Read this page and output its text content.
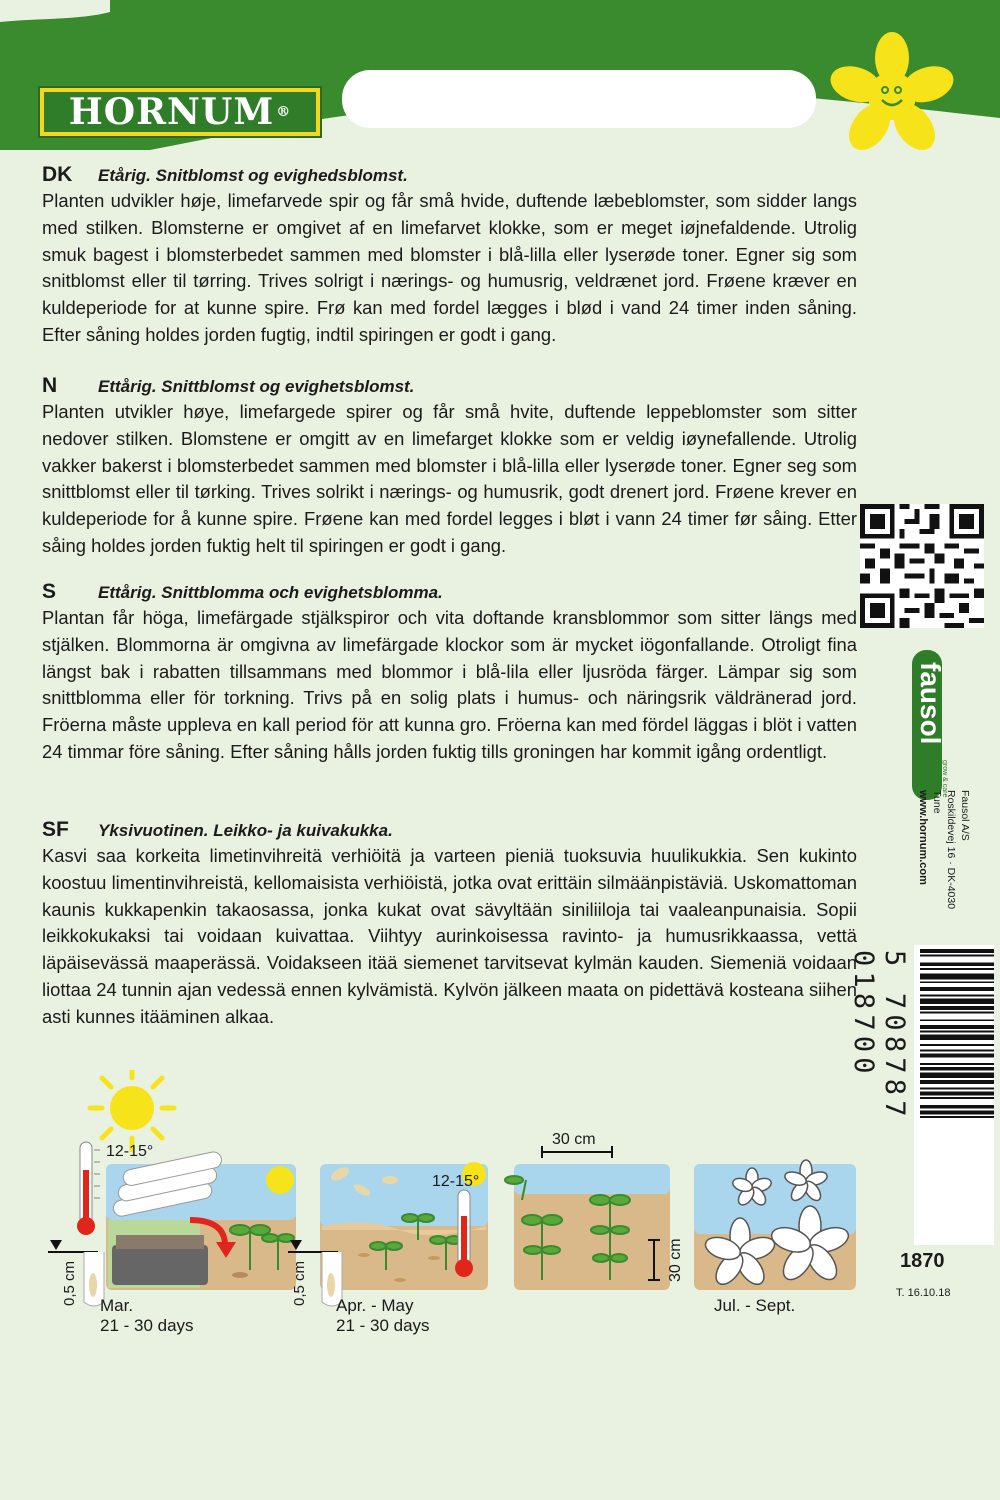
HORNUM ®
DK	Etårig. Snitblomst og evighedsblomst.
Planten udvikler høje, limefarvede spir og får små hvide, duftende læbeblomster, som sidder langs med stilken. Blomsterne er omgivet af en limefarvet klokke, som er meget iøjnefaldende. Utrolig smuk bagest i blomsterbedet sammen med blomster i blå-lilla eller lyserøde toner. Egner sig som snitblomst eller til tørring. Trives solrigt i nærings- og humusrig, veldrænet jord. Frøene kræver en kuldeperiode for at kunne spire. Frø kan med fordel lægges i blød i vand 24 timer inden såning. Efter såning holdes jorden fugtig, indtil spiringen er godt i gang.
N	Ettårig. Snittblomst og evighetsblomst.
Planten utvikler høye, limefargede spirer og får små hvite, duftende leppeblomster som sitter nedover stilken. Blomstene er omgitt av en limefarget klokke som er veldig iøynefallende. Utrolig vakker bakerst i blomsterbedet sammen med blomster i blå-lilla eller lyserøde toner. Egner seg som snittblomst eller til tørking. Trives solrikt i nærings- og humusrik, godt drenert jord. Frøene krever en kuldeperiode for å kunne spire. Frøene kan med fordel legges i bløt i vann 24 timer før såing. Etter såing holdes jorden fuktig helt til spiringen er godt i gang.
S	Ettårig. Snittblomma och evighetsblomma.
Plantan får höga, limefärgade stjälkspiror och vita doftande kransblommor som sitter längs med stjälken. Blommorna är omgivna av limefärgade klockor som är mycket iögonfallande. Otroligt fina längst bak i rabatten tillsammans med blommor i blå-lila eller ljusröda färger. Lämpar sig som snittblomma eller för torkning. Trivs på en solig plats i humus- och näringsrik väldränerad jord. Fröerna måste uppleva en kall period för att kunna gro. Fröerna kan med fördel läggas i blöt i vatten 24 timmar före såning. Efter såning hålls jorden fuktig tills groningen har kommit igång ordentligt.
SF	Yksivuotinen. Leikko- ja kuivakukka.
Kasvi saa korkeita limetinvihreitä verhiöitä ja varteen pieniä tuoksuvia huulikukkia. Sen kukinto koostuu limentinvihreistä, kellomaisista verhiöistä, jotka ovat erittäin silmäänpistäviä. Uskomattoman kaunis kukkapenkin takaosassa, jonka kukat ovat sävyltään siniliiloja tai vaaleanpunaisia. Sopii leikkokukaksi tai voidaan kuivattaa. Viihtyy aurinkoisessa ravinto- ja humusrikkaassa, vettä läpäisevässä maaperässä. Voidakseen itää siemenet tarvitsevat kylmän kauden. Siemeniä voidaan liottaa 24 tunnin ajan vedessä ennen kylvämistä. Kylvön jälkeen maata on pidettävä kosteana siihen asti kunnes itääminen alkaa.
fausol
grow & care
Fausol A/S
Roskildevej 16 · DK-4030 Tune
www.hornum.com
5 708787 018700
1870
T. 16.10.18
12-15°
0,5 cm
12-15°
0,5 cm
30 cm
30 cm
Mar.
21 - 30 days
Apr. - May
21 - 30 days
Jul. - Sept.
